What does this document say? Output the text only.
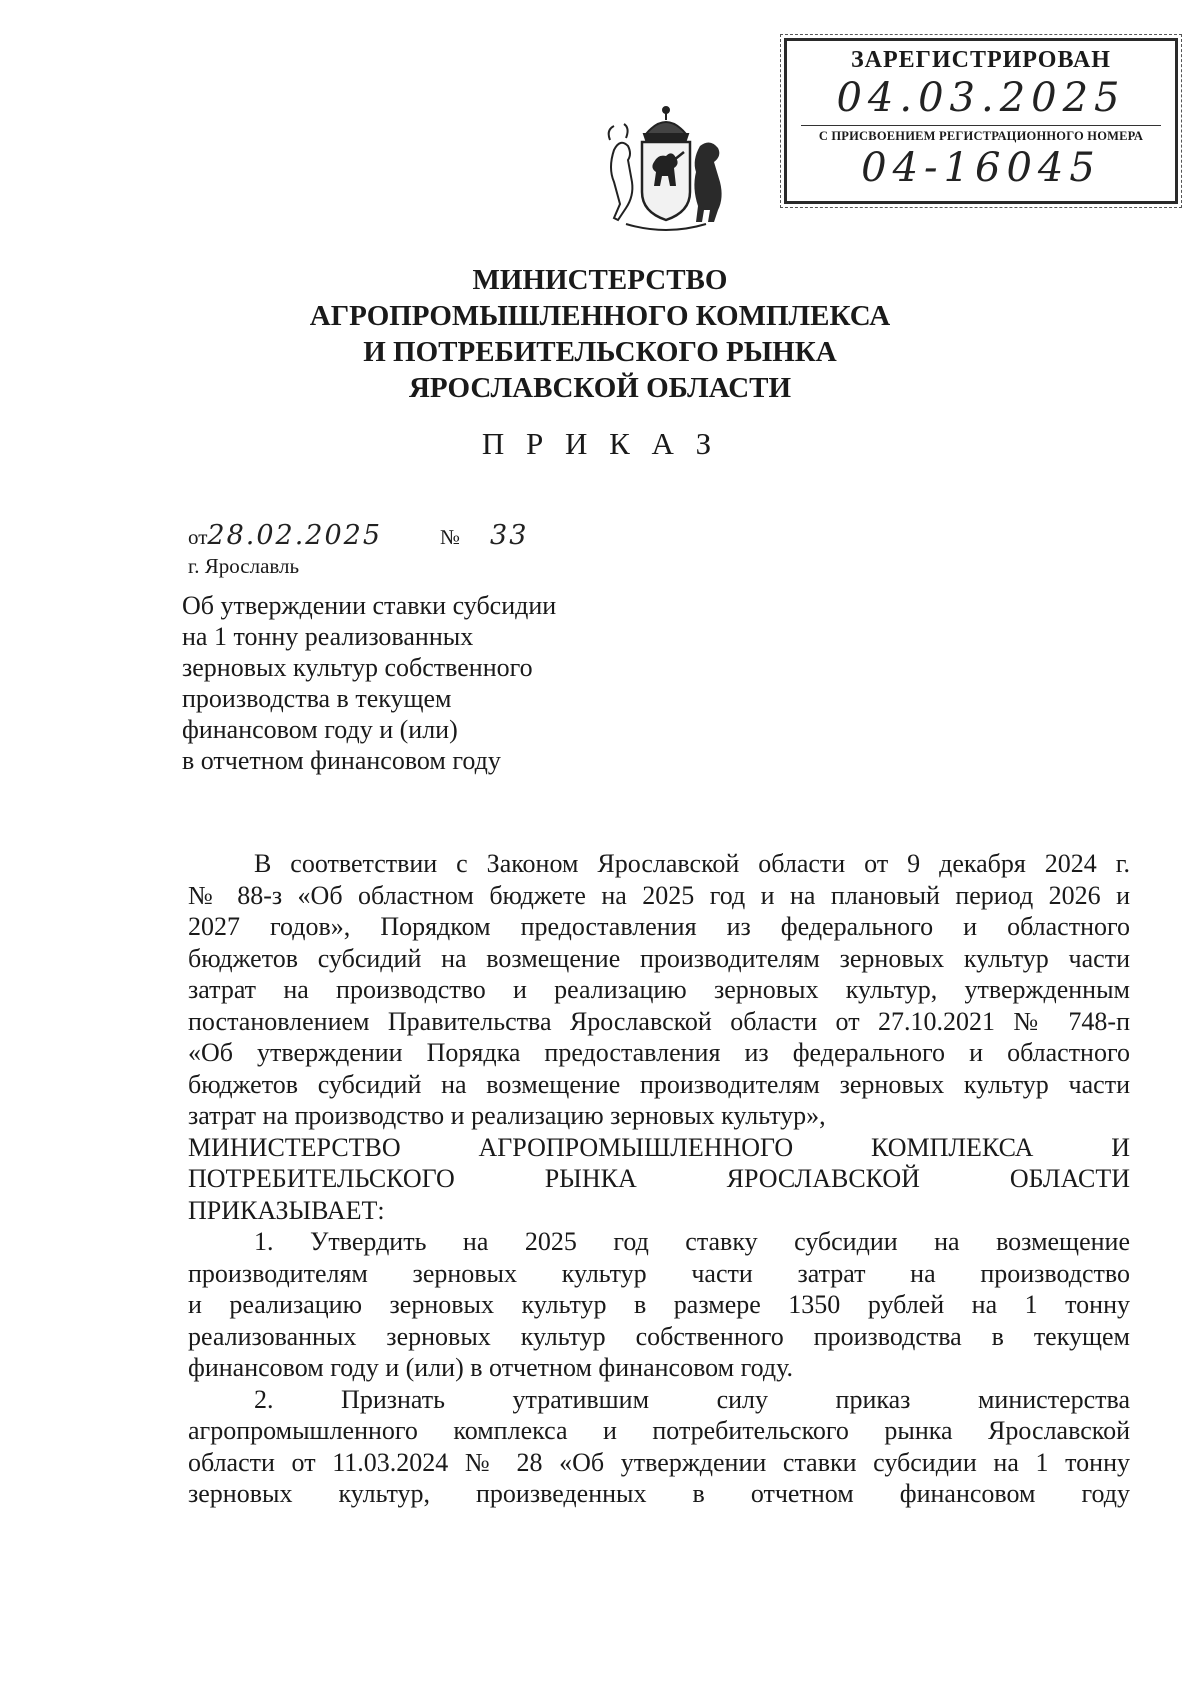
ЗАРЕГИСТРИРОВАН
04.03.2025
С ПРИСВОЕНИЕМ РЕГИСТРАЦИОННОГО НОМЕРА
04-16045
МИНИСТЕРСТВО
АГРОПРОМЫШЛЕННОГО КОМПЛЕКСА
И ПОТРЕБИТЕЛЬСКОГО РЫНКА
ЯРОСЛАВСКОЙ ОБЛАСТИ
П Р И К А З
от28.02.2025	№ 33
г. Ярославль
Об утверждении ставки субсидии
на 1 тонну реализованных
зерновых культур собственного
производства в текущем
финансовом году и (или)
в отчетном финансовом году
В соответствии с Законом Ярославской области от 9 декабря 2024 г.
№ 88-з «Об областном бюджете на 2025 год и на плановый период 2026 и
2027 годов», Порядком предоставления из федерального и областного
бюджетов субсидий на возмещение производителям зерновых культур части
затрат на производство и реализацию зерновых культур, утвержденным
постановлением Правительства Ярославской области от 27.10.2021 № 748-п
«Об утверждении Порядка предоставления из федерального и областного
бюджетов субсидий на возмещение производителям зерновых культур части
затрат на производство и реализацию зерновых культур»,
МИНИСТЕРСТВО АГРОПРОМЫШЛЕННОГО КОМПЛЕКСА И
ПОТРЕБИТЕЛЬСКОГО РЫНКА ЯРОСЛАВСКОЙ ОБЛАСТИ
ПРИКАЗЫВАЕТ:
1. Утвердить на 2025 год ставку субсидии на возмещение
производителям зерновых культур части затрат на производство
и реализацию зерновых культур в размере 1350 рублей на 1 тонну
реализованных зерновых культур собственного производства в текущем
финансовом году и (или) в отчетном финансовом году.
2. Признать утратившим силу приказ министерства
агропромышленного комплекса и потребительского рынка Ярославской
области от 11.03.2024 № 28 «Об утверждении ставки субсидии на 1 тонну
зерновых культур, произведенных в отчетном финансовом году
